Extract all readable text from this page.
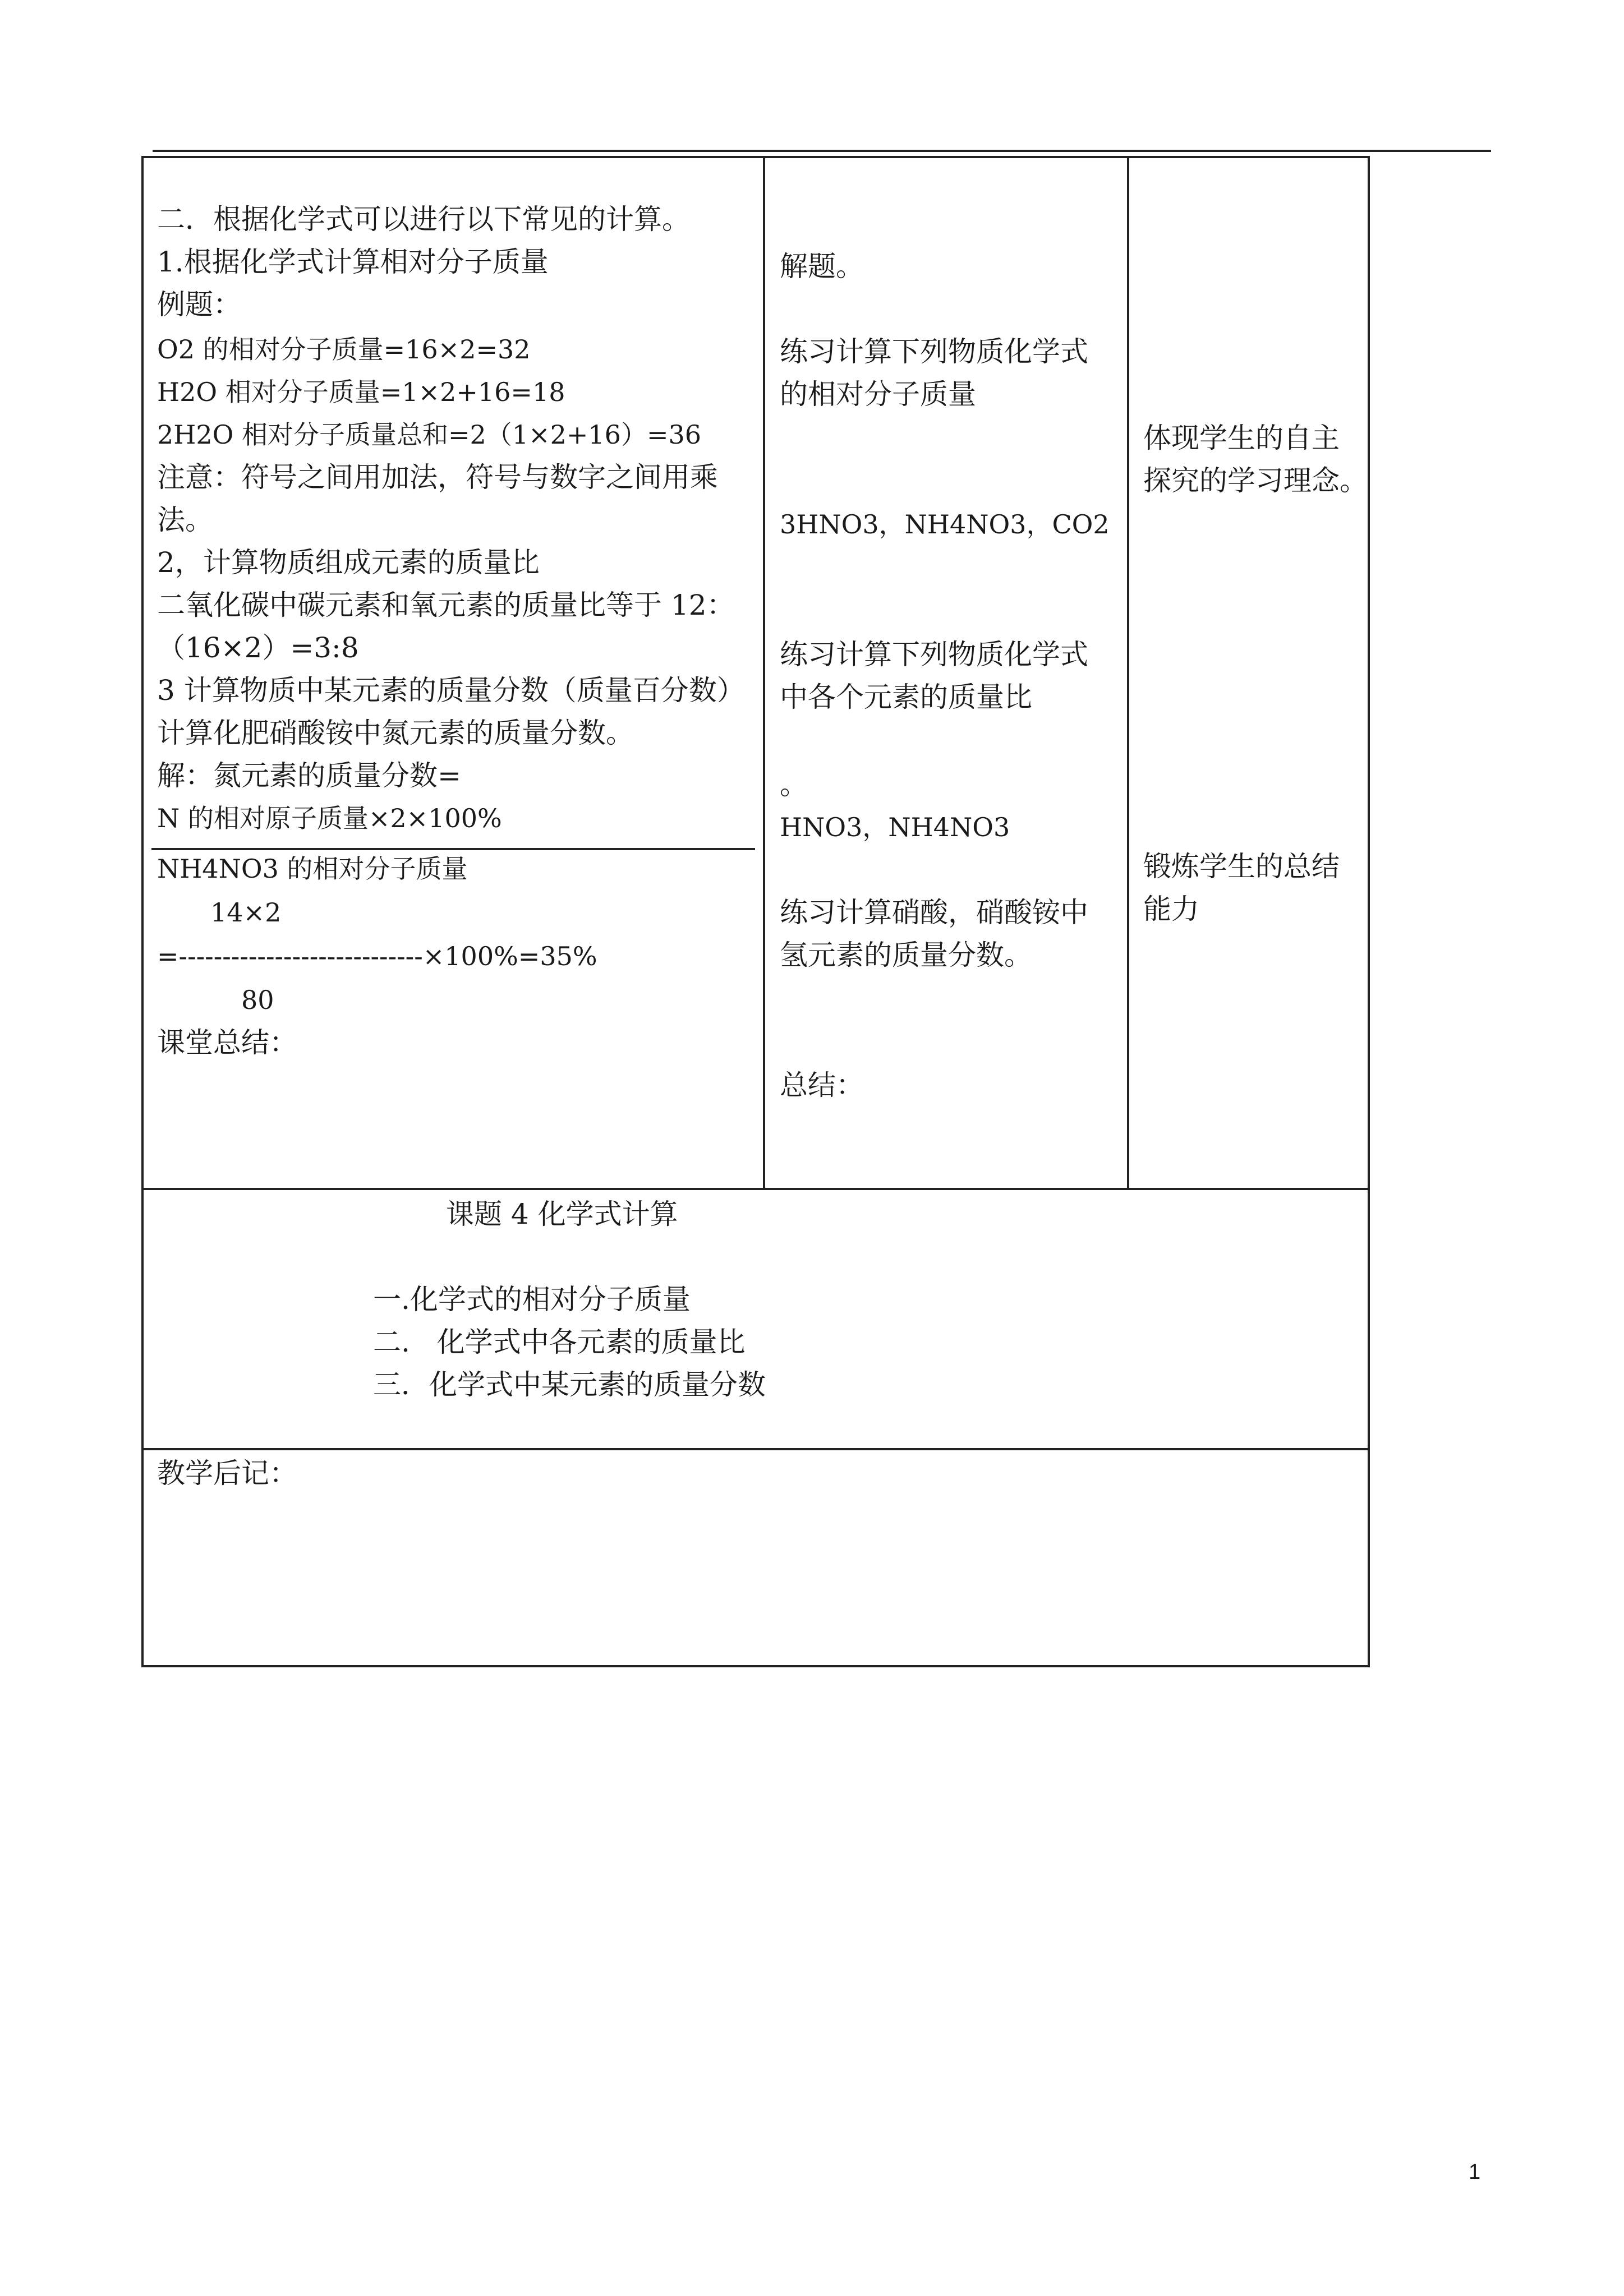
二．根据化学式可以进行以下常见的计算。
1.根据化学式计算相对分子质量
例题：
O2 的相对分子质量=16×2=32
H2O 相对分子质量=1×2+16=18
2H2O 相对分子质量总和=2（1×2+16）=36
注意：符号之间用加法，符号与数字之间用乘
法。
2，计算物质组成元素的质量比
二氧化碳中碳元素和氧元素的质量比等于 12：
（16×2）=3:8
3 计算物质中某元素的质量分数（质量百分数）
计算化肥硝酸铵中氮元素的质量分数。
解：氮元素的质量分数=
N 的相对原子质量×2×100%
NH4NO3 的相对分子质量
14×2
=----------------------------×100%=35%
80
课堂总结：
解题。
练习计算下列物质化学式
的相对分子质量
3HNO3，NH4NO3，CO2
练习计算下列物质化学式
中各个元素的质量比
。
HNO3，NH4NO3
练习计算硝酸，硝酸铵中
氢元素的质量分数。
总结：
体现学生的自主
探究的学习理念。
锻炼学生的总结
能力
课题 4 化学式计算
一.化学式的相对分子质量
二.   化学式中各元素的质量比
三．化学式中某元素的质量分数
教学后记：
1
